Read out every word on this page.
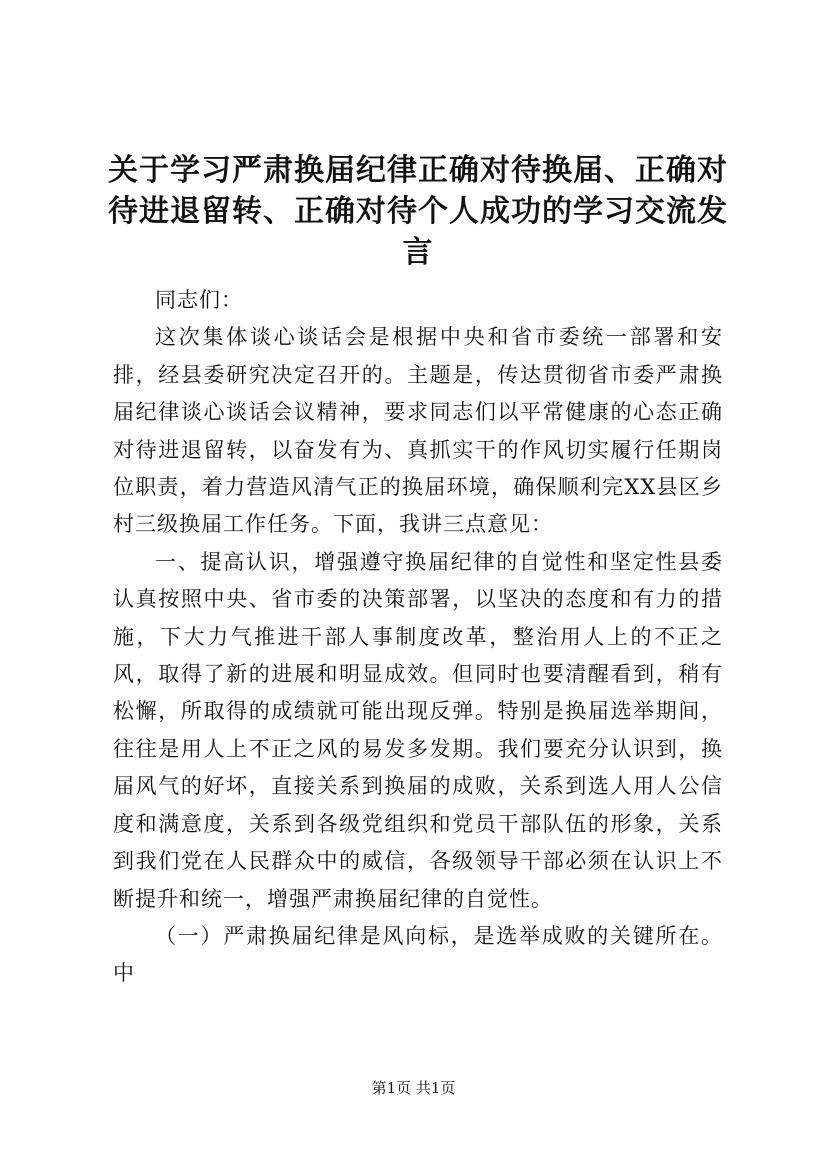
关于学习严肃换届纪律正确对待换届、正确对
待进退留转、正确对待个人成功的学习交流发
言

同志们：

这次集体谈心谈话会是根据中央和省市委统一部署和安排，经县委研究决定召开的。主题是，传达贯彻省市委严肃换届纪律谈心谈话会议精神，要求同志们以平常健康的心态正确对待进退留转，以奋发有为、真抓实干的作风切实履行任期岗位职责，着力营造风清气正的换届环境，确保顺利完XX县区乡村三级换届工作任务。下面，我讲三点意见：

一、提高认识，增强遵守换届纪律的自觉性和坚定性县委认真按照中央、省市委的决策部署，以坚决的态度和有力的措施，下大力气推进干部人事制度改革，整治用人上的不正之风，取得了新的进展和明显成效。但同时也要清醒看到，稍有松懈，所取得的成绩就可能出现反弹。特别是换届选举期间，往往是用人上不正之风的易发多发期。我们要充分认识到，换届风气的好坏，直接关系到换届的成败，关系到选人用人公信度和满意度，关系到各级党组织和党员干部队伍的形象，关系到我们党在人民群众中的威信，各级领导干部必须在认识上不断提升和统一，增强严肃换届纪律的自觉性。

（一）严肃换届纪律是风向标，是选举成败的关键所在。中

第1页 共1页
